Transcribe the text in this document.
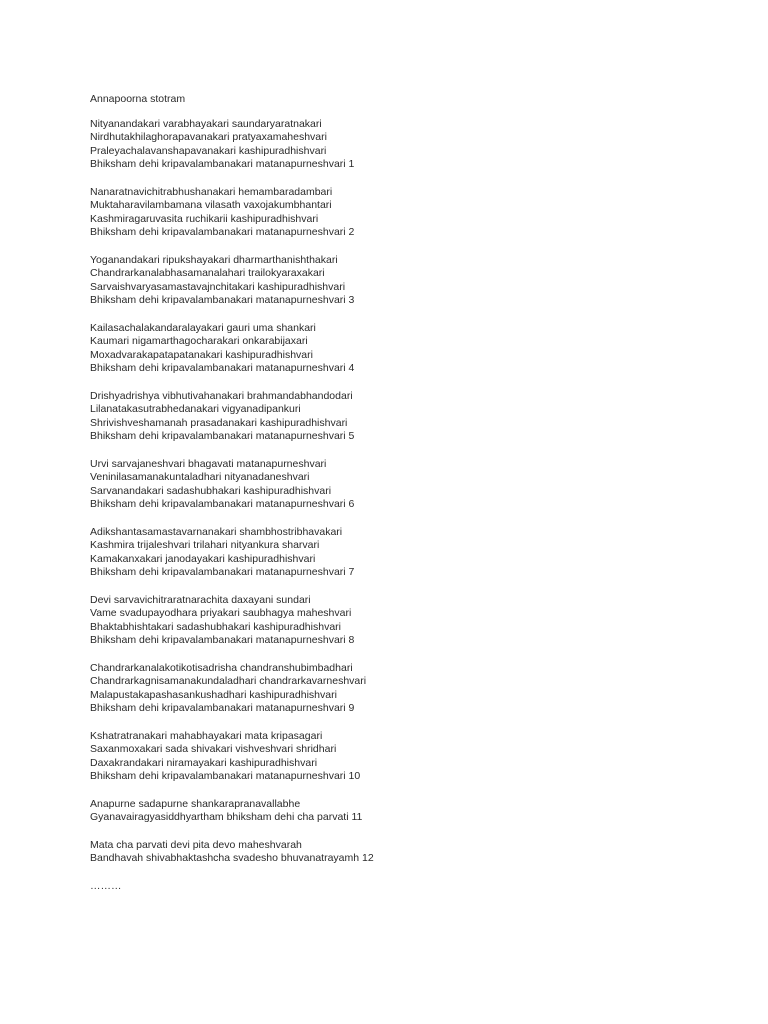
Annapoorna stotram
Nityanandakari varabhayakari saundaryaratnakari
Nirdhutakhilaghorapavanakari pratyaxamaheshvari
Praleyachalavanshapavanakari kashipuradhishvari
Bhiksham dehi kripavalambanakari matanapurneshvari 1
Nanaratnavichitrabhushanakari hemambaradambari
Muktaharavilambamana vilasath vaxojakumbhantari
Kashmiragaruvasita ruchikarii kashipuradhishvari
Bhiksham dehi kripavalambanakari matanapurneshvari 2
Yoganandakari ripukshayakari dharmarthanishthakari
Chandrarkanalabhasamanalahari trailokyaraxakari
Sarvaishvaryasamastavajnchitakari kashipuradhishvari
Bhiksham dehi kripavalambanakari matanapurneshvari 3
Kailasachalakandaralayakari gauri uma shankari
Kaumari nigamarthagocharakari onkarabijaxari
Moxadvarakapatapatanakari kashipuradhishvari
Bhiksham dehi kripavalambanakari matanapurneshvari 4
Drishyadrishya vibhutivahanakari brahmandabhandodari
Lilanatakasutrabhedanakari vigyanadipankuri
Shrivishveshamanah prasadanakari kashipuradhishvari
Bhiksham dehi kripavalambanakari matanapurneshvari 5
Urvi sarvajaneshvari bhagavati matanapurneshvari
Veninilasamanakuntaladhari nityanadaneshvari
Sarvanandakari sadashubhakari kashipuradhishvari
Bhiksham dehi kripavalambanakari matanapurneshvari 6
Adikshantasamastavarnanakari shambhostribhavakari
Kashmira trijaleshvari trilahari nityankura sharvari
Kamakanxakari janodayakari kashipuradhishvari
Bhiksham dehi kripavalambanakari matanapurneshvari 7
Devi sarvavichitraratnarachita daxayani sundari
Vame svadupayodhara priyakari saubhagya maheshvari
Bhaktabhishtakari sadashubhakari kashipuradhishvari
Bhiksham dehi kripavalambanakari matanapurneshvari 8
Chandrarkanalakotikotisadrisha chandranshubimbadhari
Chandrarkagnisamanakundaladhari chandrarkavarneshvari
Malapustakapashasankushadhari kashipuradhishvari
Bhiksham dehi kripavalambanakari matanapurneshvari 9
Kshatratranakari mahabhayakari mata kripasagari
Saxanmoxakari sada shivakari vishveshvari shridhari
Daxakrandakari niramayakari kashipuradhishvari
Bhiksham dehi kripavalambanakari matanapurneshvari 10
Anapurne sadapurne shankarapranavallabhe
Gyanavairagyasiddhyartham bhiksham dehi cha parvati 11
Mata cha parvati devi pita devo maheshvarah
Bandhavah shivabhaktashcha svadesho bhuvanatrayamh 12
………
